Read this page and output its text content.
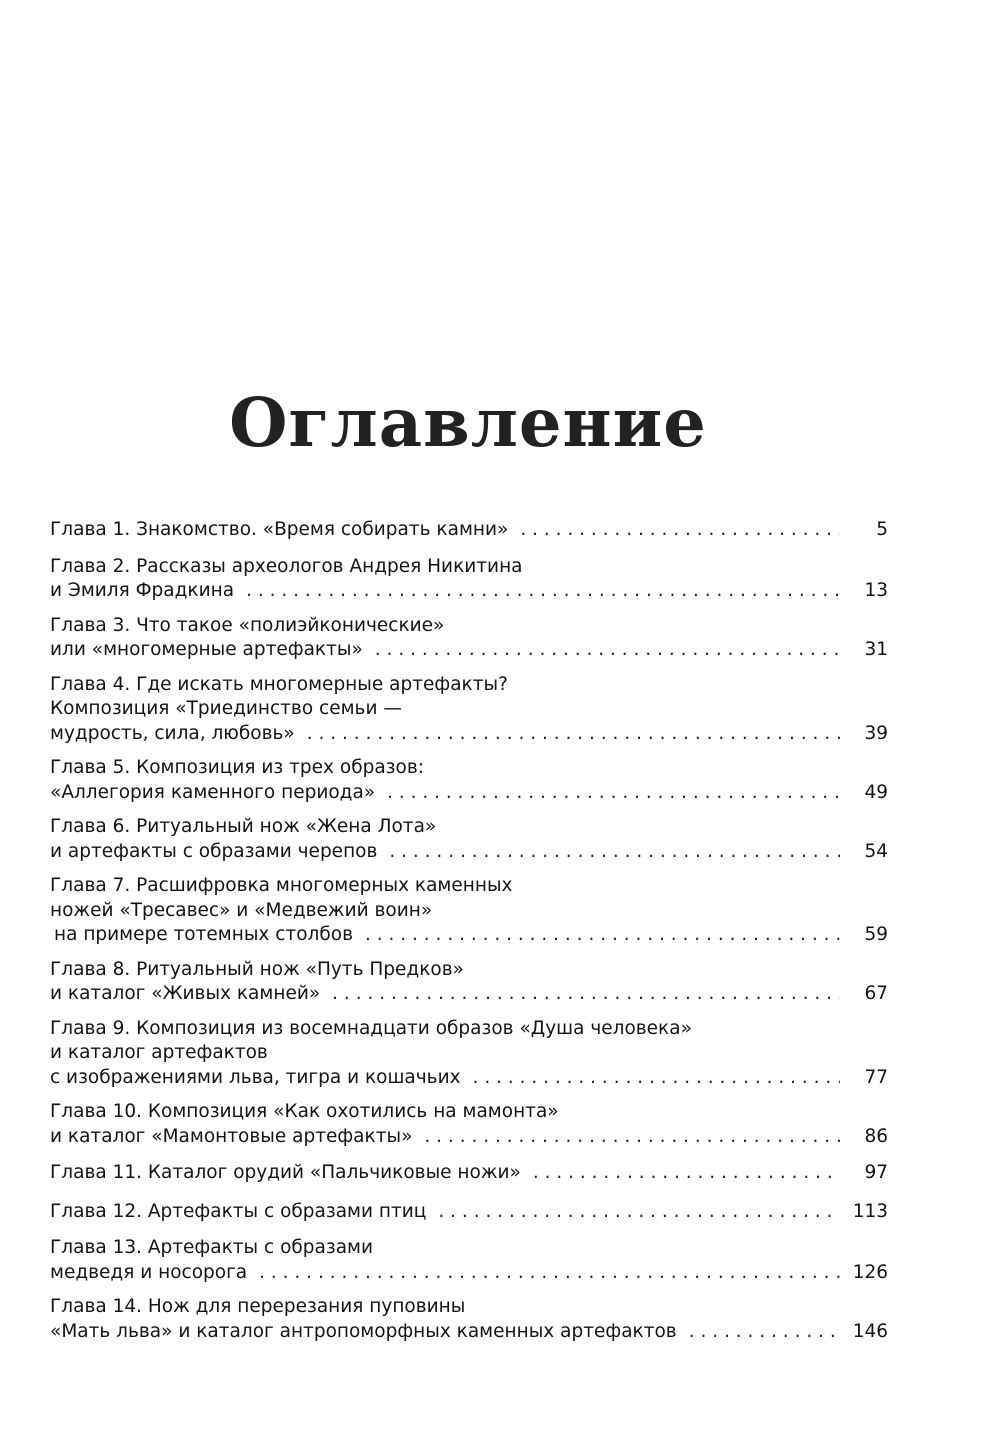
Оглавление
Глава 1. Знакомство. «Время собирать камни» . . .	5
Глава 2. Рассказы археологов Андрея Никитина
и Эмиля Фрадкина . . .	13
Глава 3. Что такое «полиэйконические»
или «многомерные артефакты» . . .	31
Глава 4. Где искать многомерные артефакты?
Композиция «Триединство семьи —
мудрость, сила, любовь» . . .	39
Глава 5. Композиция из трех образов:
«Аллегория каменного периода» . . .	49
Глава 6. Ритуальный нож «Жена Лота»
и артефакты с образами черепов . . .	54
Глава 7. Расшифровка многомерных каменных
ножей «Тресавес» и «Медвежий воин»
на примере тотемных столбов . . .	59
Глава 8. Ритуальный нож «Путь Предков»
и каталог «Живых камней» . . .	67
Глава 9. Композиция из восемнадцати образов «Душа человека»
и каталог артефактов
с изображениями льва, тигра и кошачьих . . .	77
Глава 10. Композиция «Как охотились на мамонта»
и каталог «Мамонтовые артефакты» . . .	86
Глава 11. Каталог орудий «Пальчиковые ножи» . . .	97
Глава 12. Артефакты с образами птиц . . .	113
Глава 13. Артефакты с образами
медведя и носорога . . .	126
Глава 14. Нож для перерезания пуповины
«Мать льва» и каталог антропоморфных каменных артефактов . . .	146
